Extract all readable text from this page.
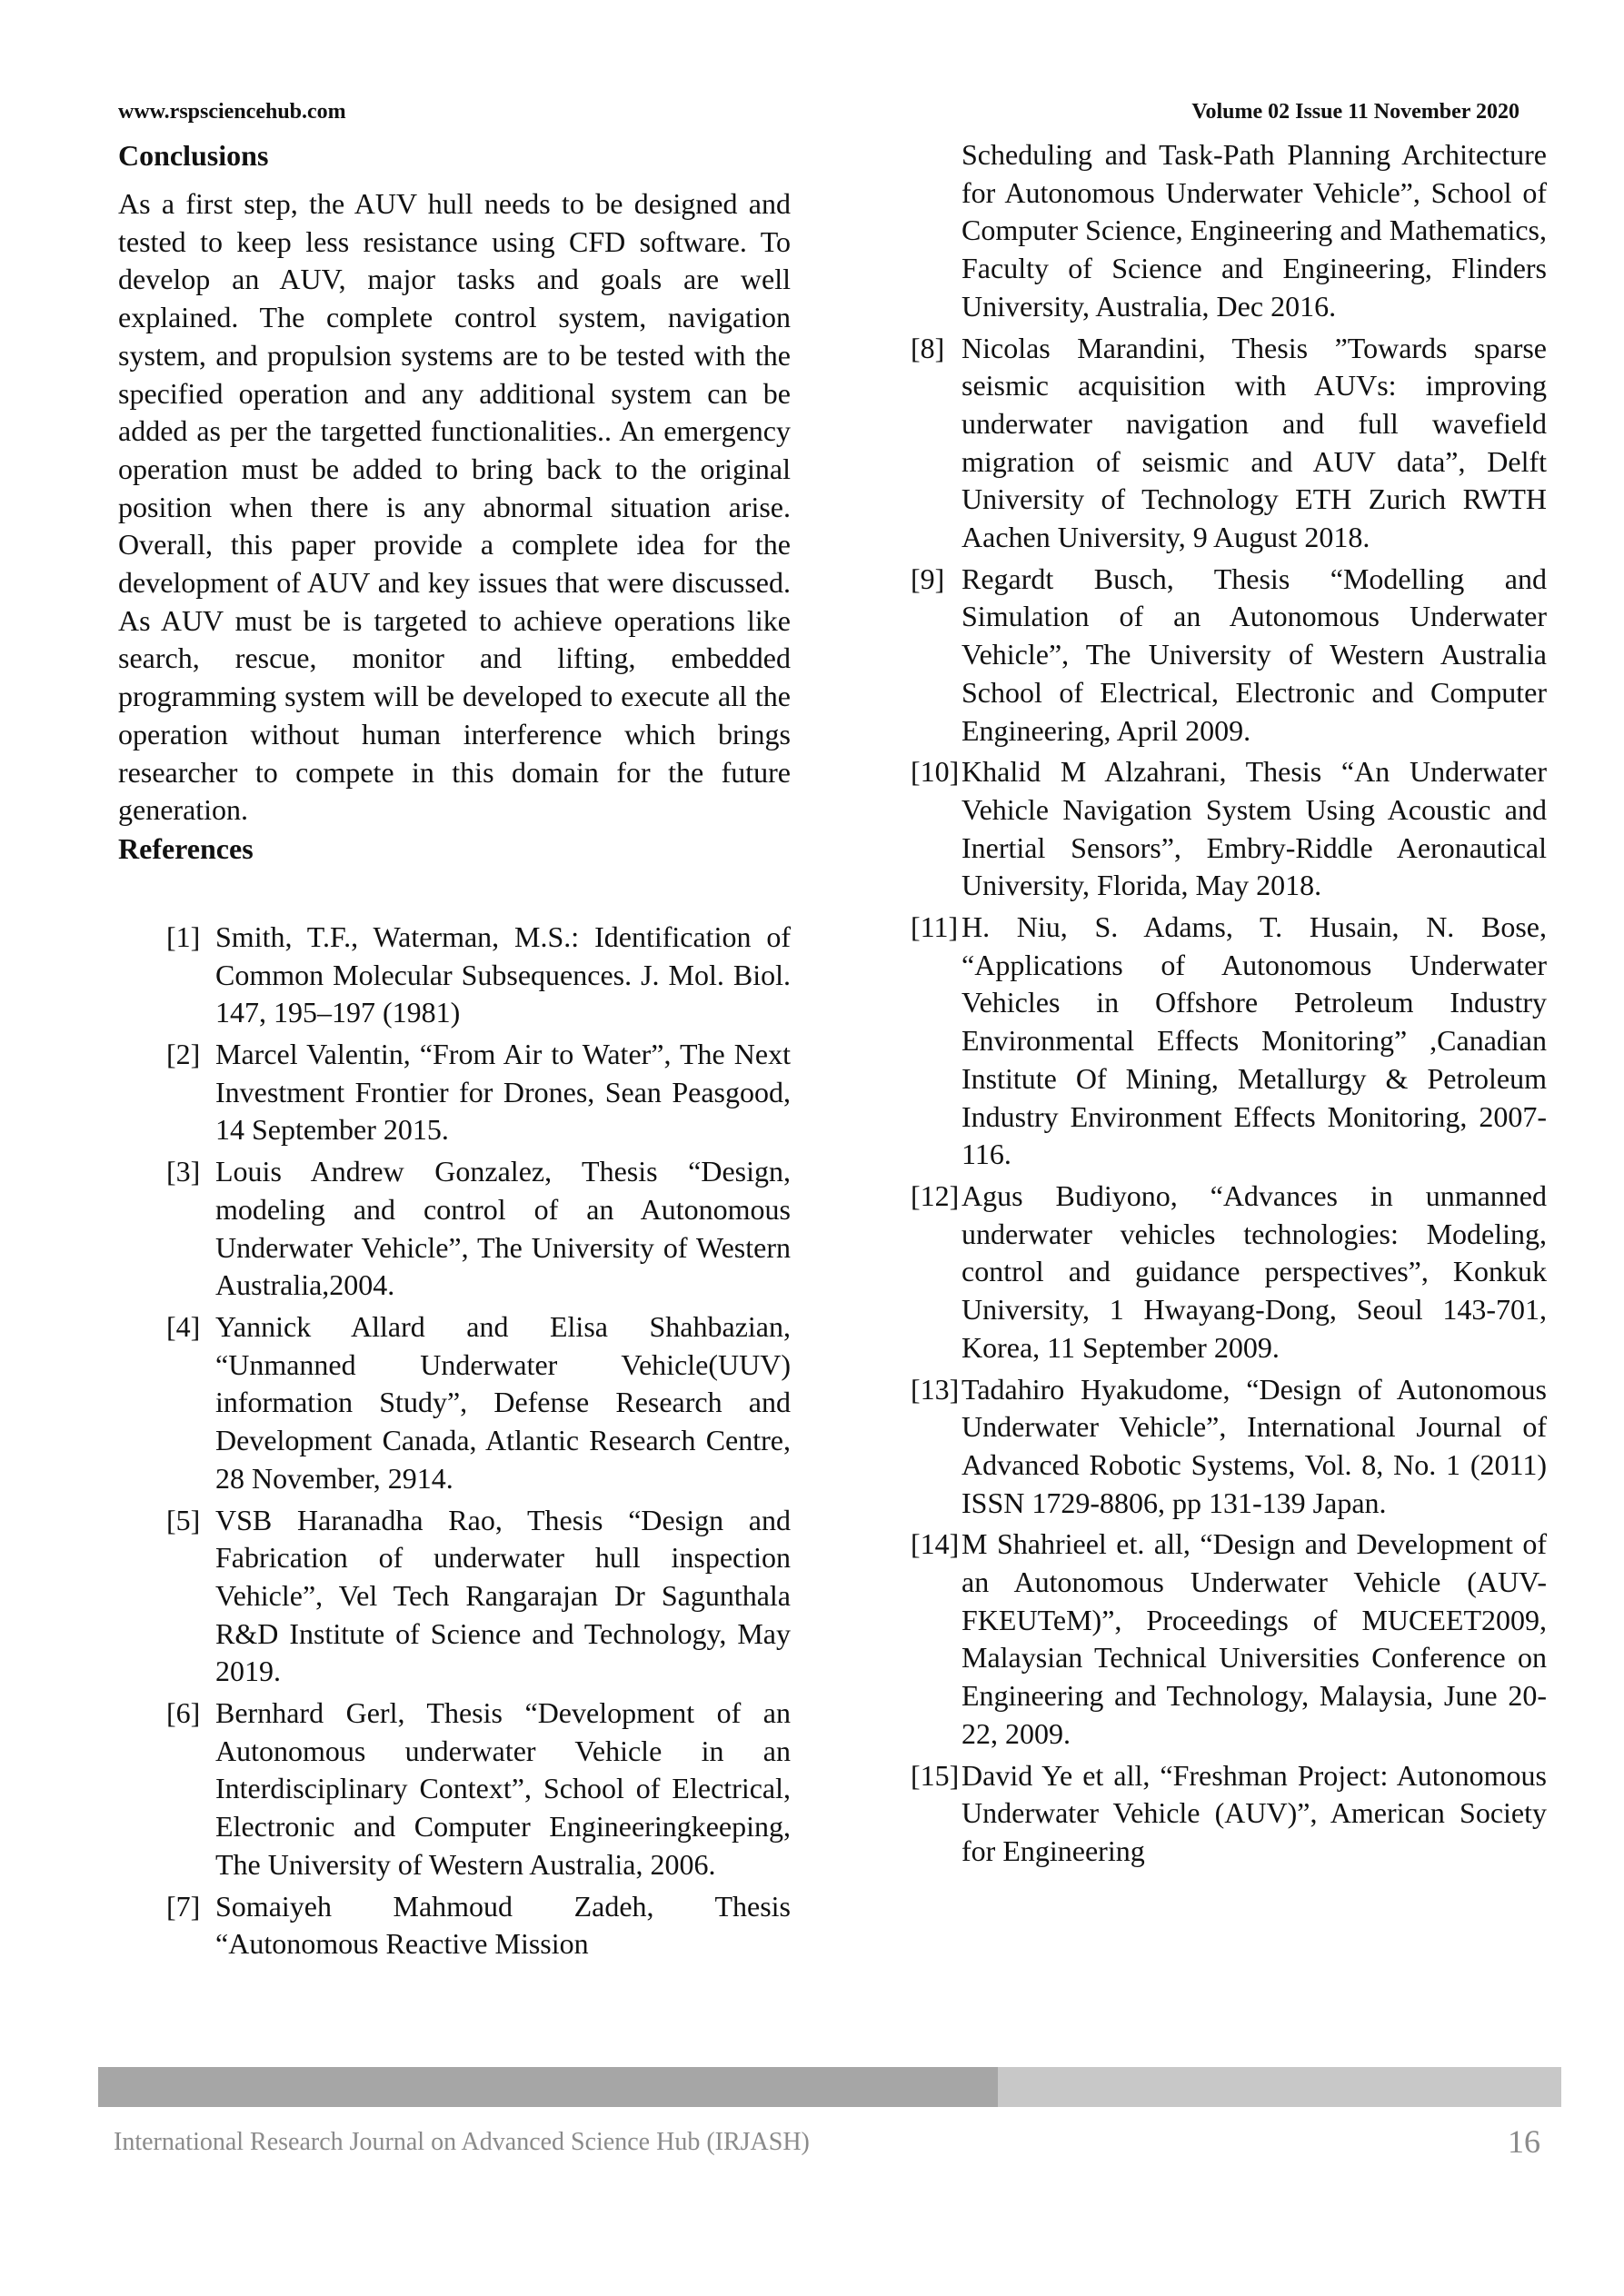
www.rspsciencehub.com	Volume 02 Issue 11 November 2020
Conclusions

As a first step, the AUV hull needs to be designed and tested to keep less resistance using CFD software. To develop an AUV, major tasks and goals are well explained. The complete control system, navigation system, and propulsion systems are to be tested with the specified operation and any additional system can be added as per the targetted functionalities.. An emergency operation must be added to bring back to the original position when there is any abnormal situation arise. Overall, this paper provide a complete idea for the development of AUV and key issues that were discussed. As AUV must be is targeted to achieve operations like search, rescue, monitor and lifting, embedded programming system will be developed to execute all the operation without human interference which brings researcher to compete in this domain for the future generation.

References
[1] Smith, T.F., Waterman, M.S.: Identification of Common Molecular Subsequences. J. Mol. Biol. 147, 195–197 (1981)
[2] Marcel Valentin, “From Air to Water”, The Next Investment Frontier for Drones, Sean Peasgood, 14 September 2015.
[3] Louis Andrew Gonzalez, Thesis “Design, modeling and control of an Autonomous Underwater Vehicle”, The University of Western Australia,2004.
[4] Yannick Allard and Elisa Shahbazian, “Unmanned Underwater Vehicle(UUV) information Study”, Defense Research and Development Canada, Atlantic Research Centre, 28 November, 2914.
[5] VSB Haranadha Rao, Thesis “Design and Fabrication of underwater hull inspection Vehicle”, Vel Tech Rangarajan Dr Sagunthala R&D Institute of Science and Technology, May 2019.
[6] Bernhard Gerl, Thesis “Development of an Autonomous underwater Vehicle in an Interdisciplinary Context”, School of Electrical, Electronic and Computer Engineeringkeeping, The University of Western Australia, 2006.
[7] Somaiyeh Mahmoud Zadeh, Thesis “Autonomous Reactive Mission
Scheduling and Task-Path Planning Architecture for Autonomous Underwater Vehicle”, School of Computer Science, Engineering and Mathematics, Faculty of Science and Engineering, Flinders University, Australia, Dec 2016.
[8] Nicolas Marandini, Thesis ”Towards sparse seismic acquisition with AUVs: improving underwater navigation and full wavefield migration of seismic and AUV data”, Delft University of Technology ETH Zurich RWTH Aachen University, 9 August 2018.
[9] Regardt Busch, Thesis “Modelling and Simulation of an Autonomous Underwater Vehicle”, The University of Western Australia School of Electrical, Electronic and Computer Engineering, April 2009.
[10] Khalid M Alzahrani, Thesis “An Underwater Vehicle Navigation System Using Acoustic and Inertial Sensors”, Embry-Riddle Aeronautical University, Florida, May 2018.
[11] H. Niu, S. Adams, T. Husain, N. Bose, “Applications of Autonomous Underwater Vehicles in Offshore Petroleum Industry Environmental Effects Monitoring” ,Canadian Institute Of Mining, Metallurgy & Petroleum Industry Environment Effects Monitoring, 2007-116.
[12] Agus Budiyono, “Advances in unmanned underwater vehicles technologies: Modeling, control and guidance perspectives”, Konkuk University, 1 Hwayang-Dong, Seoul 143-701, Korea, 11 September 2009.
[13] Tadahiro Hyakudome, “Design of Autonomous Underwater Vehicle”, International Journal of Advanced Robotic Systems, Vol. 8, No. 1 (2011) ISSN 1729-8806, pp 131-139 Japan.
[14] M Shahrieel et. all, “Design and Development of an Autonomous Underwater Vehicle (AUV-FKEUTeM)”, Proceedings of MUCEET2009, Malaysian Technical Universities Conference on Engineering and Technology, Malaysia, June 20-22, 2009.
[15] David Ye et all, “Freshman Project: Autonomous Underwater Vehicle (AUV)”, American Society for Engineering
International Research Journal on Advanced Science Hub (IRJASH)	16
